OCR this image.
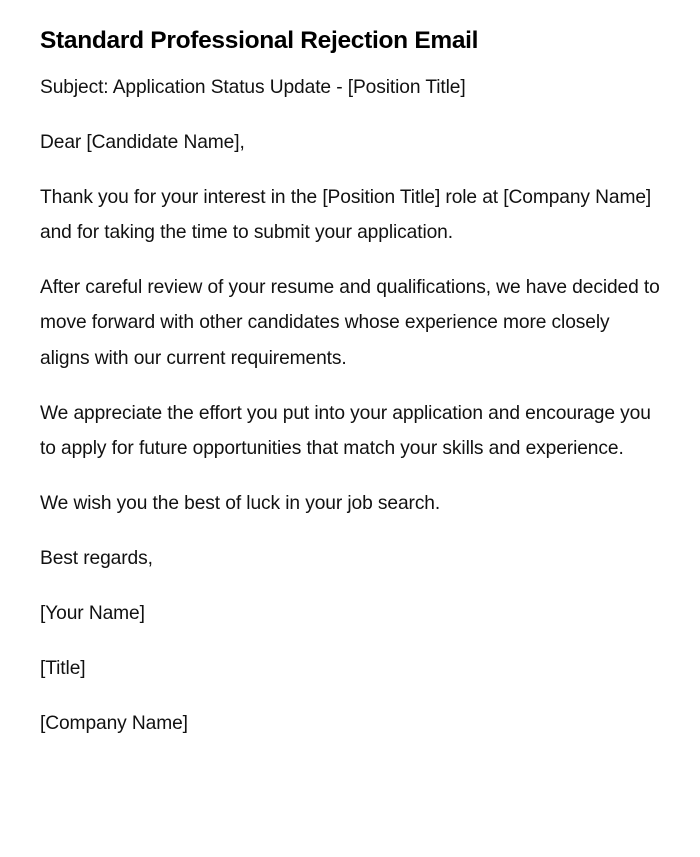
Standard Professional Rejection Email

Subject: Application Status Update - [Position Title]

Dear [Candidate Name],

Thank you for your interest in the [Position Title] role at [Company Name] and for taking the time to submit your application.

After careful review of your resume and qualifications, we have decided to move forward with other candidates whose experience more closely aligns with our current requirements.

We appreciate the effort you put into your application and encourage you to apply for future opportunities that match your skills and experience.

We wish you the best of luck in your job search.

Best regards,

[Your Name]

[Title]

[Company Name]
